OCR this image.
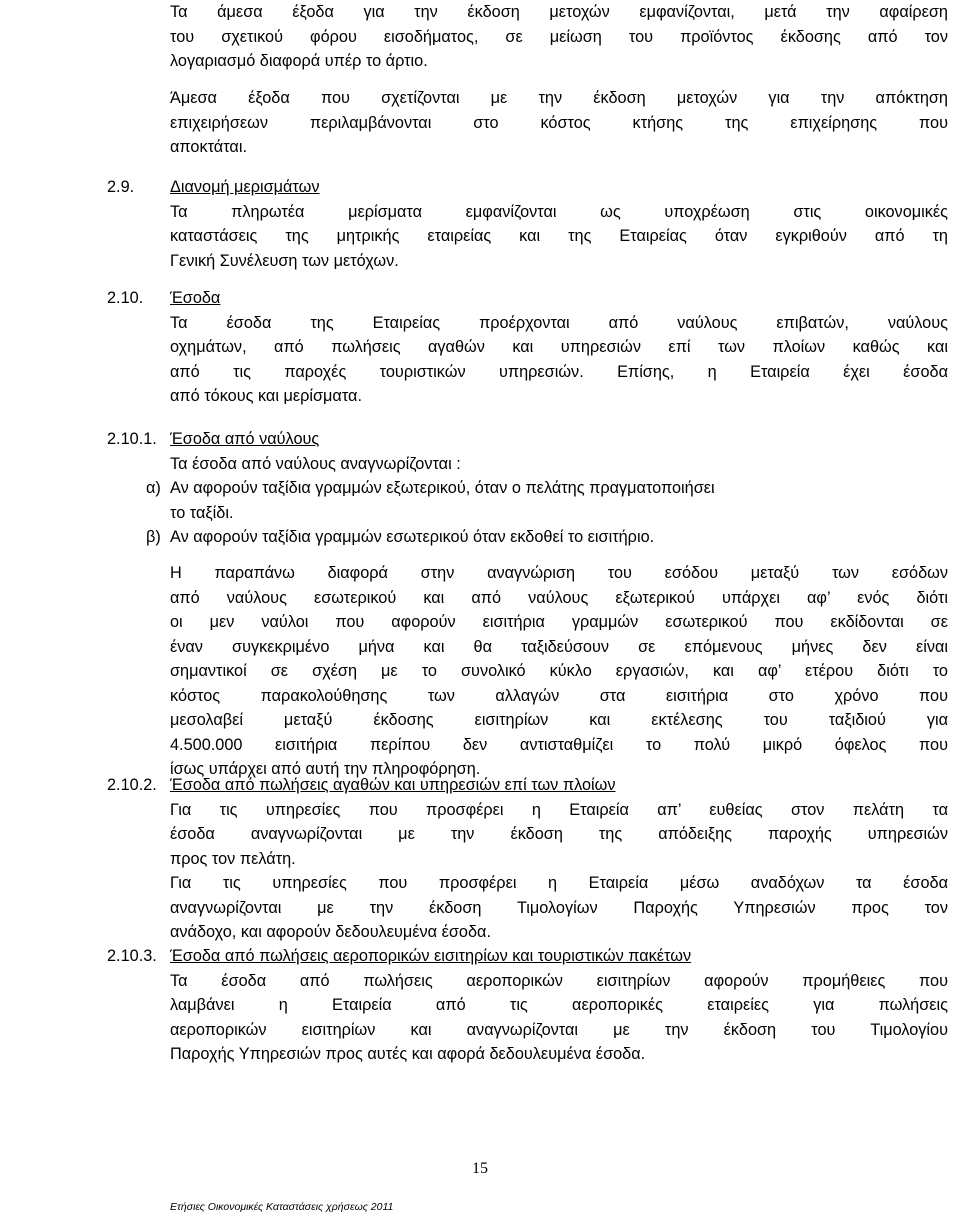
Τα άμεσα έξοδα για την έκδοση μετοχών εμφανίζονται, μετά την αφαίρεση
του σχετικού φόρου εισοδήματος, σε μείωση του προϊόντος έκδοσης από τον
λογαριασμό διαφορά υπέρ το άρτιο.
Άμεσα έξοδα που σχετίζονται με την έκδοση μετοχών για την απόκτηση
επιχειρήσεων περιλαμβάνονται στο κόστος κτήσης της επιχείρησης που
αποκτάται.
2.9. Διανομή μερισμάτων
Τα πληρωτέα μερίσματα εμφανίζονται ως υποχρέωση στις οικονομικές
καταστάσεις της μητρικής εταιρείας και της Εταιρείας όταν εγκριθούν από τη
Γενική Συνέλευση των μετόχων.
2.10. Έσοδα
Τα έσοδα της Εταιρείας προέρχονται από ναύλους επιβατών, ναύλους
οχημάτων, από πωλήσεις αγαθών και υπηρεσιών επί των πλοίων καθώς και
από τις παροχές τουριστικών υπηρεσιών. Επίσης, η Εταιρεία έχει έσοδα
από τόκους και μερίσματα.
2.10.1. Έσοδα από ναύλους
Τα έσοδα από ναύλους αναγνωρίζονται :
α) Αν αφορούν ταξίδια γραμμών εξωτερικού, όταν ο πελάτης πραγματοποιήσει
το ταξίδι.
β) Αν αφορούν ταξίδια γραμμών εσωτερικού όταν εκδοθεί το εισιτήριο.
Η παραπάνω διαφορά στην αναγνώριση του εσόδου μεταξύ των εσόδων
από ναύλους εσωτερικού και από ναύλους εξωτερικού υπάρχει αφ’ ενός διότι
οι μεν ναύλοι που αφορούν εισιτήρια γραμμών εσωτερικού που εκδίδονται σε
έναν συγκεκριμένο μήνα και θα ταξιδεύσουν σε επόμενους μήνες δεν είναι
σημαντικοί σε σχέση με το συνολικό κύκλο εργασιών, και αφ’ ετέρου διότι το
κόστος παρακολούθησης των αλλαγών στα εισιτήρια στο χρόνο που
μεσολαβεί μεταξύ έκδοσης εισιτηρίων και εκτέλεσης του ταξιδιού για
4.500.000 εισιτήρια περίπου δεν αντισταθμίζει το πολύ μικρό όφελος που
ίσως υπάρχει από αυτή την πληροφόρηση.
2.10.2. Έσοδα από πωλήσεις αγαθών και υπηρεσιών επί των πλοίων
Για τις υπηρεσίες που προσφέρει η Εταιρεία απ’ ευθείας στον πελάτη τα
έσοδα αναγνωρίζονται με την έκδοση της απόδειξης παροχής υπηρεσιών
προς τον πελάτη.
Για τις υπηρεσίες που προσφέρει η Εταιρεία μέσω αναδόχων τα έσοδα
αναγνωρίζονται με την έκδοση Τιμολογίων Παροχής Υπηρεσιών προς τον
ανάδοχο, και αφορούν δεδουλευμένα έσοδα.
2.10.3. Έσοδα από πωλήσεις αεροπορικών εισιτηρίων και τουριστικών πακέτων
Τα έσοδα από πωλήσεις αεροπορικών εισιτηρίων αφορούν προμήθειες που
λαμβάνει η Εταιρεία από τις αεροπορικές εταιρείες για πωλήσεις
αεροπορικών εισιτηρίων και αναγνωρίζονται με την έκδοση του Τιμολογίου
Παροχής Υπηρεσιών προς αυτές και αφορά δεδουλευμένα έσοδα.
15
Ετήσιες Οικονομικές Καταστάσεις χρήσεως 2011
